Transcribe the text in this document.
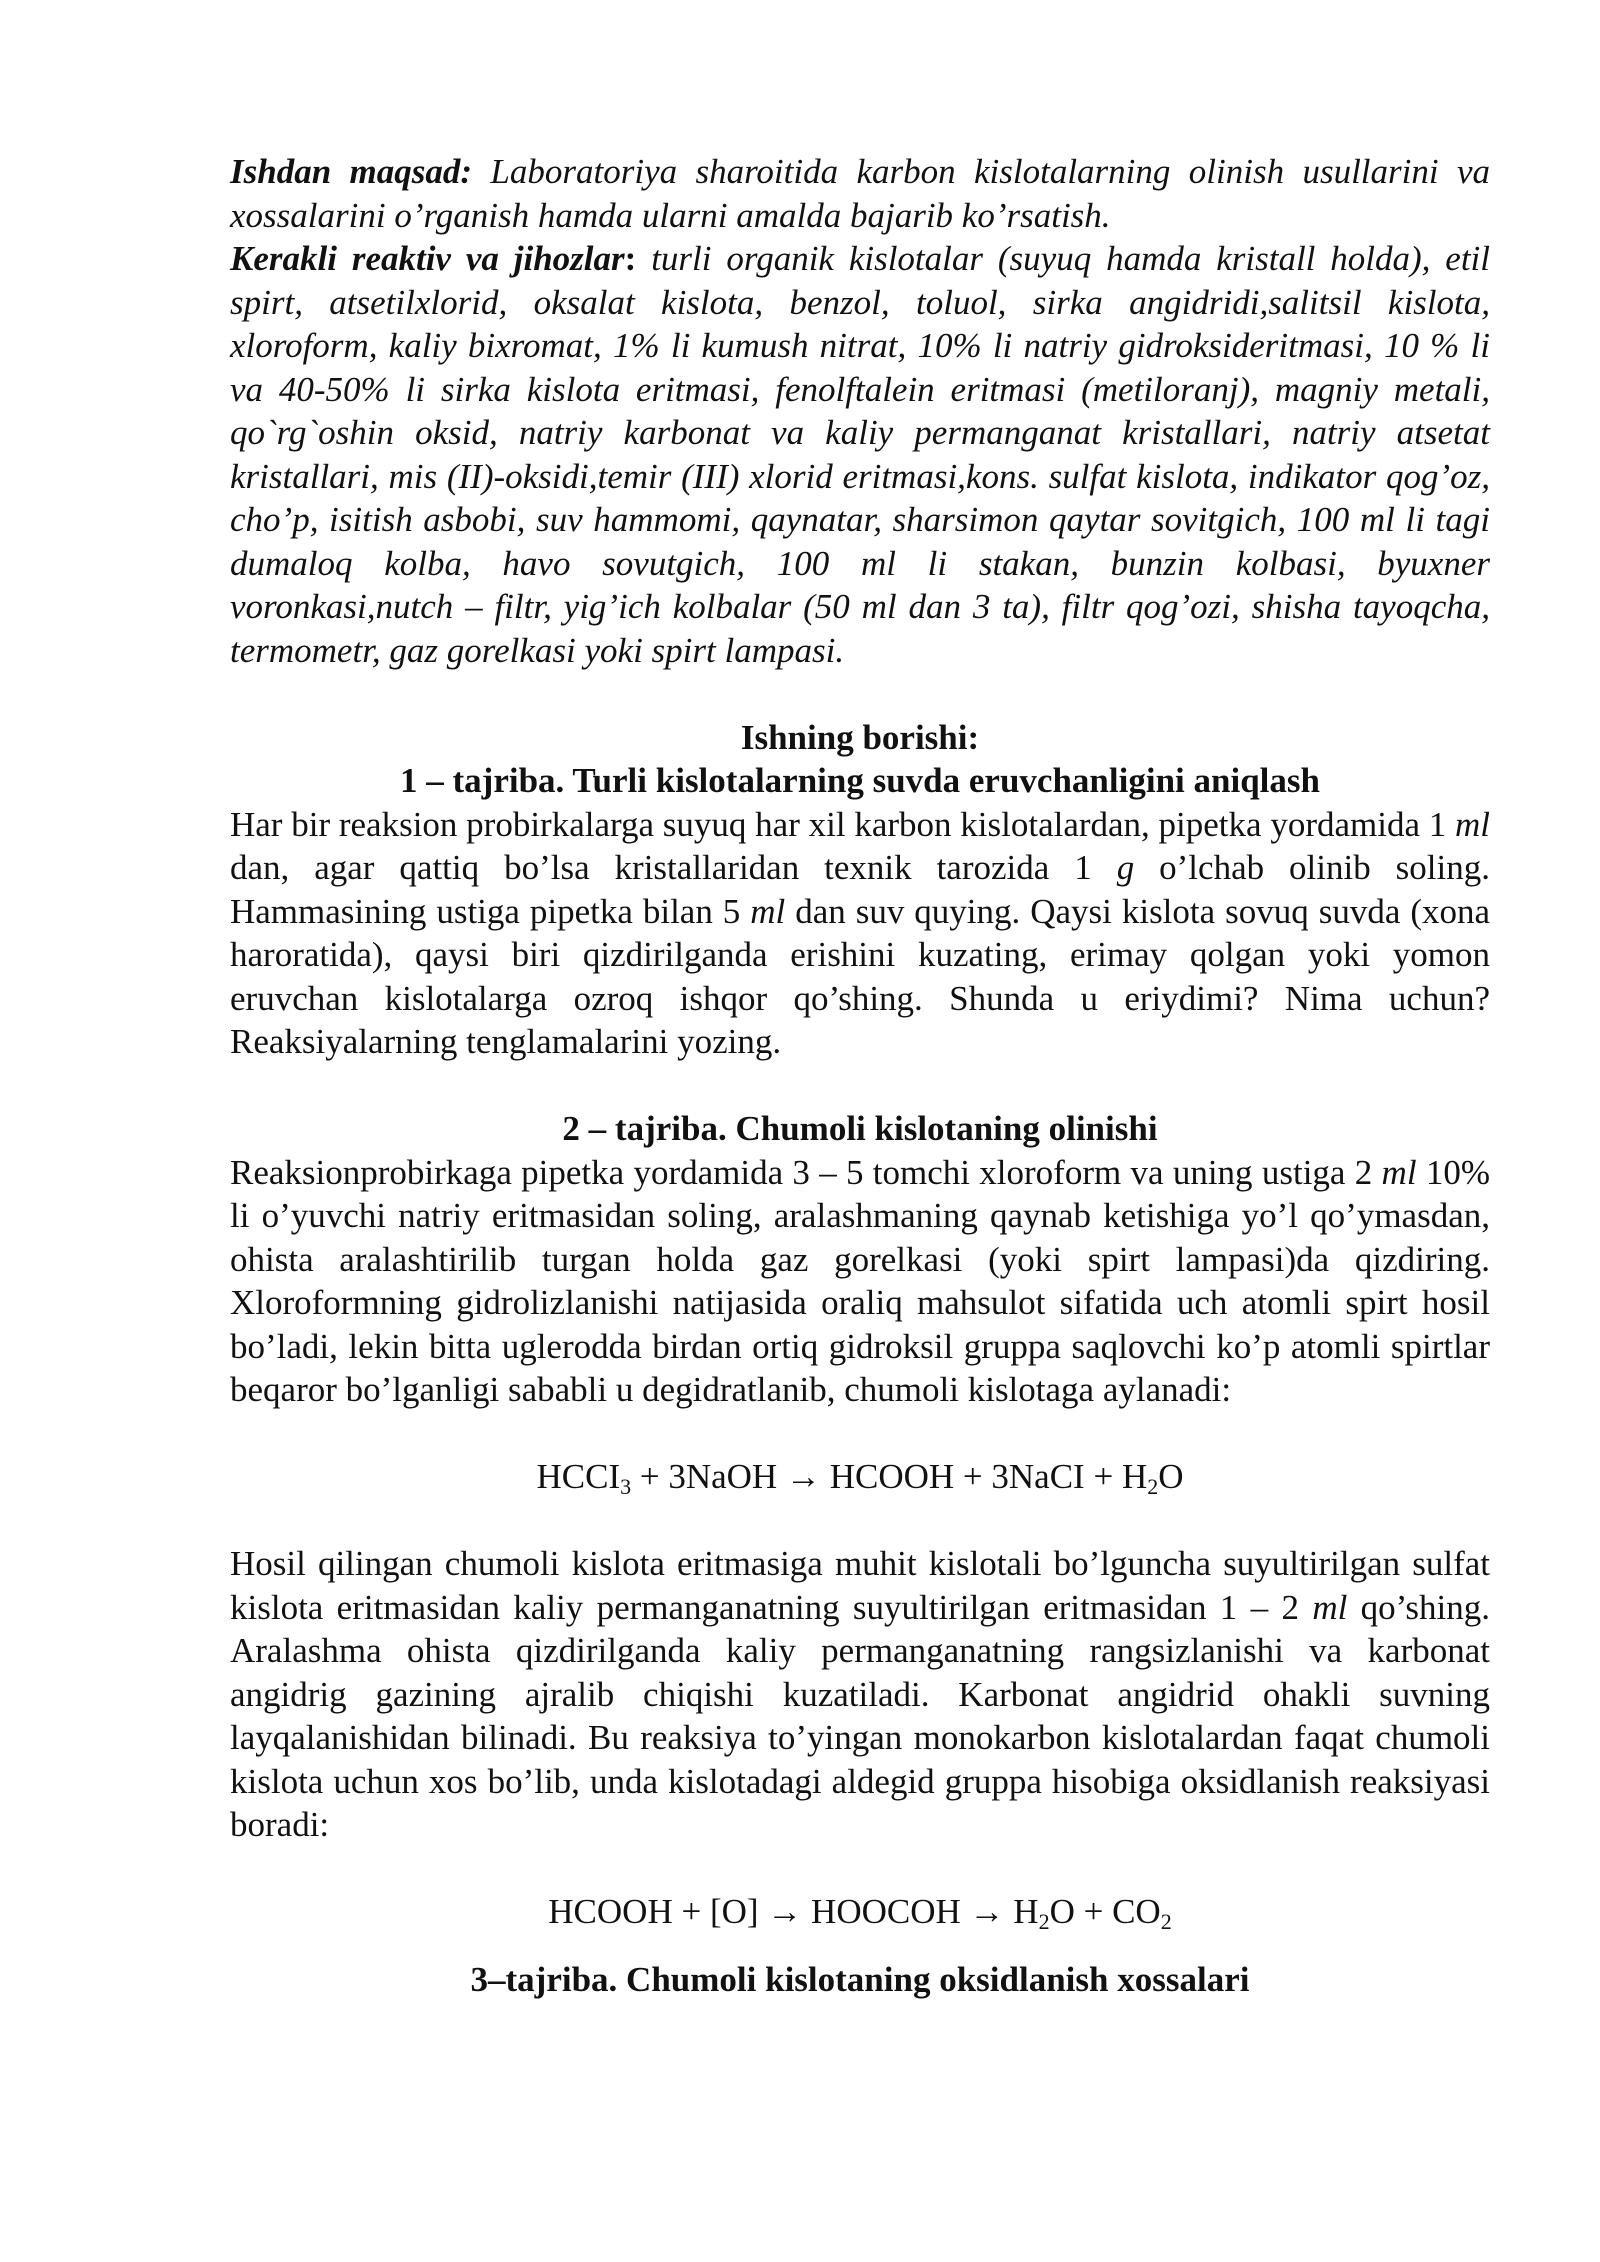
Ishdan maqsad: Laboratoriya sharoitida karbon kislotalarning olinish usullarini va xossalarini o’rganish hamda ularni amalda bajarib ko’rsatish.

Kerakli reaktiv va jihozlar: turli organik kislotalar (suyuq hamda kristall holda), etil spirt, atsetilxlorid, oksalat kislota, benzol, toluol, sirka angidridi,salitsil kislota, xloroform, kaliy bixromat, 1% li kumush nitrat, 10% li natriy gidroksideritmasi, 10 % li va 40-50% li sirka kislota eritmasi, fenolftalein eritmasi (metiloranj), magniy metali, qo`rg`oshin oksid, natriy karbonat va kaliy permanganat kristallari, natriy atsetat kristallari, mis (II)-oksidi,temir (III) xlorid eritmasi,kons. sulfat kislota, indikator qog’oz, cho’p, isitish asbobi, suv hammomi, qaynatar, sharsimon qaytar sovitgich, 100 ml li tagi dumaloq kolba, havo sovutgich, 100 ml li stakan, bunzin kolbasi, byuxner voronkasi,nutch – filtr, yig’ich kolbalar (50 ml dan 3 ta), filtr qog’ozi, shisha tayoqcha, termometr, gaz gorelkasi yoki spirt lampasi.

Ishning borishi:

1 – tajriba. Turli kislotalarning suvda eruvchanligini aniqlash

Har bir reaksion probirkalarga suyuq har xil karbon kislotalardan, pipetka yordamida 1 ml dan, agar qattiq bo’lsa kristallaridan texnik tarozida 1 g o’lchab olinib soling. Hammasining ustiga pipetka bilan 5 ml dan suv quying. Qaysi kislota sovuq suvda (xona haroratida), qaysi biri qizdirilganda erishini kuzating, erimay qolgan yoki yomon eruvchan kislotalarga ozroq ishqor qo’shing. Shunda u eriydimi? Nima uchun? Reaksiyalarning tenglamalarini yozing.

2 – tajriba. Chumoli kislotaning olinishi

Reaksionprobirkaga pipetka yordamida 3 – 5 tomchi xloroform va uning ustiga 2 ml 10% li o’yuvchi natriy eritmasidan soling, aralashmaning qaynab ketishiga yo’l qo’ymasdan, ohista aralashtirilib turgan holda gaz gorelkasi (yoki spirt lampasi)da qizdiring. Xloroformning gidrolizlanishi natijasida oraliq mahsulot sifatida uch atomli spirt hosil bo’ladi, lekin bitta uglerodda birdan ortiq gidroksil gruppa saqlovchi ko’p atomli spirtlar beqaror bo’lganligi sababli u degidratlanib, chumoli kislotaga aylanadi:

$HCCI_3$ + 3NaOH → HCOOH + 3NaCI + $H_2O$

Hosil qilingan chumoli kislota eritmasiga muhit kislotali bo’lguncha suyultirilgan sulfat kislota eritmasidan kaliy permanganatning suyultirilgan eritmasidan 1 – 2 ml qo’shing. Aralashma ohista qizdirilganda kaliy permanganatning rangsizlanishi va karbonat angidrig gazining ajralib chiqishi kuzatiladi. Karbonat angidrid ohakli suvning layqalanishidan bilinadi. Bu reaksiya to’yingan monokarbon kislotalardan faqat chumoli kislota uchun xos bo’lib, unda kislotadagi aldegid gruppa hisobiga oksidlanish reaksiyasi boradi:

HCOOH + [O] → HOOCOH → $H_2O + CO_2$

3–tajriba. Chumoli kislotaning oksidlanish xossalari
